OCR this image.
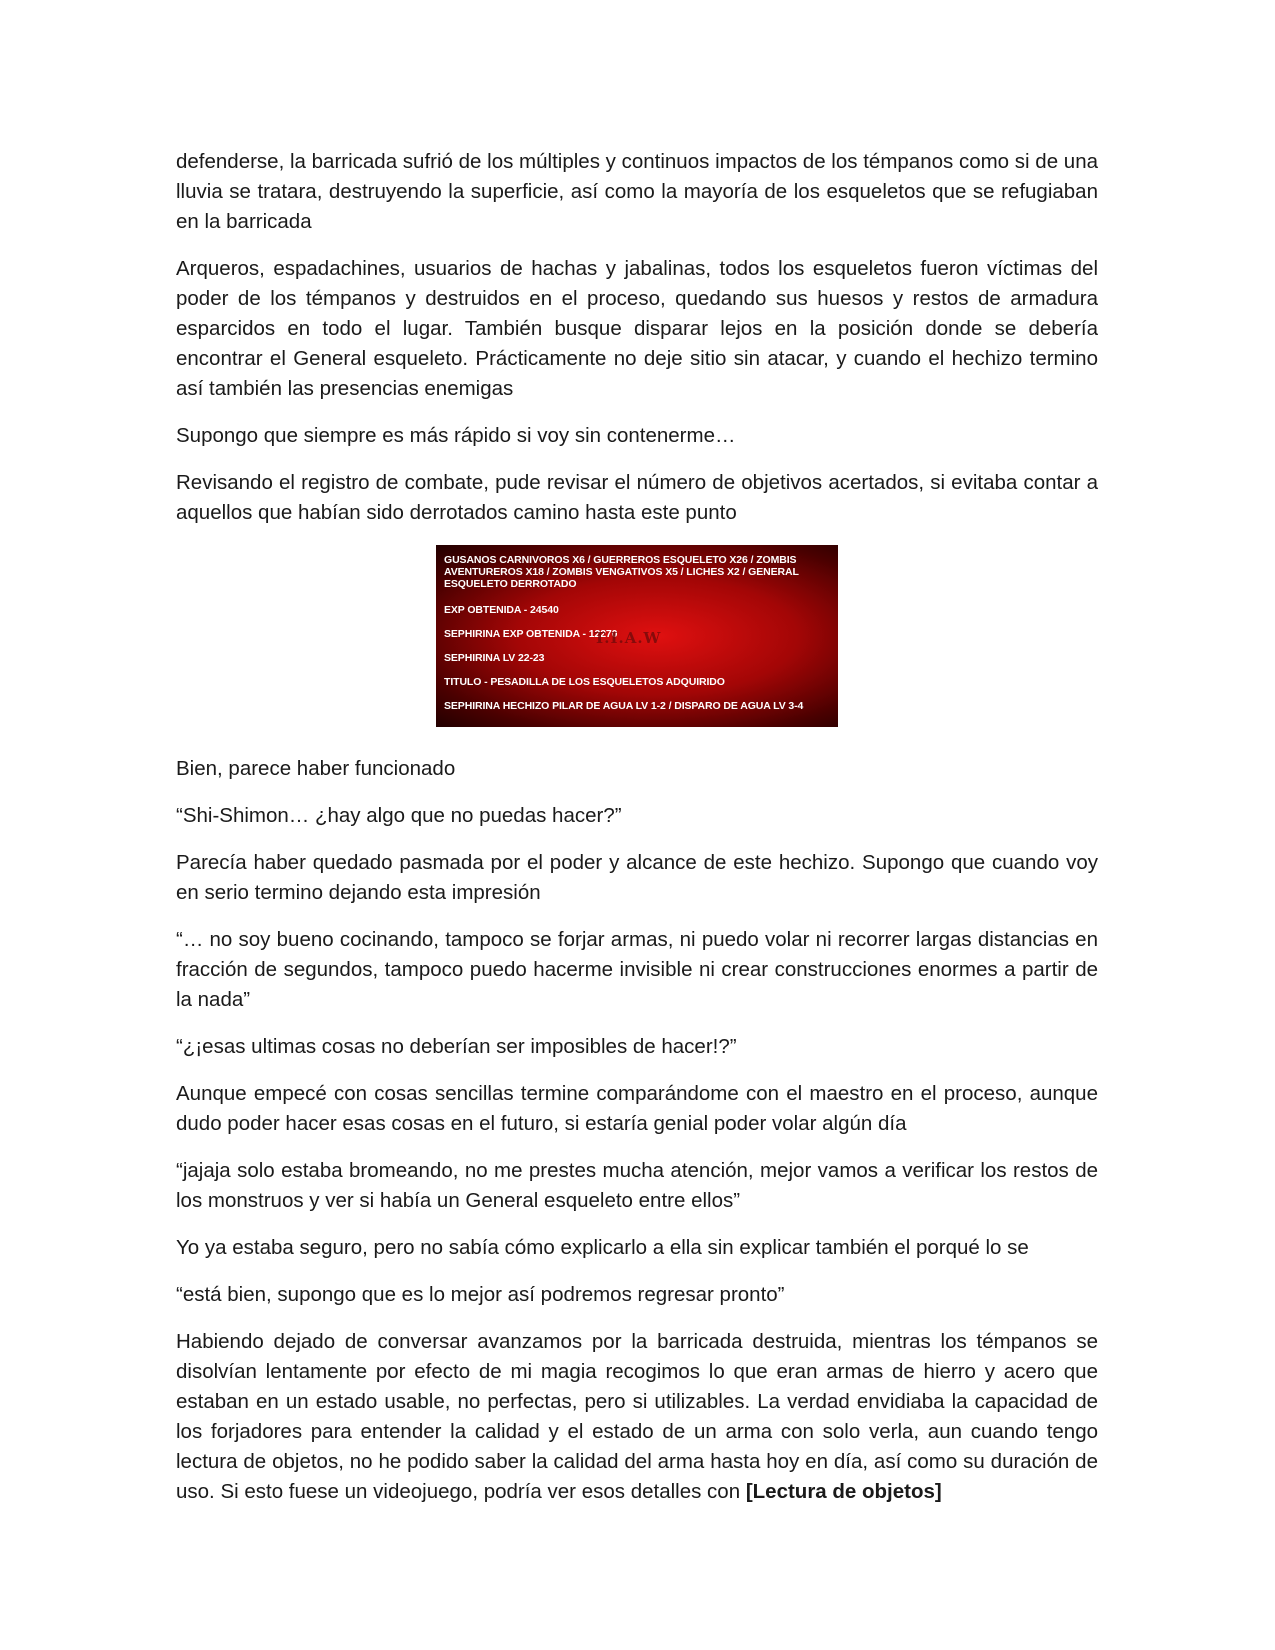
defenderse, la barricada sufrió de los múltiples y continuos impactos de los témpanos como si de una lluvia se tratara, destruyendo la superficie, así como la mayoría de los esqueletos que se refugiaban en la barricada

Arqueros, espadachines, usuarios de hachas y jabalinas, todos los esqueletos fueron víctimas del poder de los témpanos y destruidos en el proceso, quedando sus huesos y restos de armadura esparcidos en todo el lugar. También busque disparar lejos en la posición donde se debería encontrar el General esqueleto. Prácticamente no deje sitio sin atacar, y cuando el hechizo termino así también las presencias enemigas

Supongo que siempre es más rápido si voy sin contenerme…

Revisando el registro de combate, pude revisar el número de objetivos acertados, si evitaba contar a aquellos que habían sido derrotados camino hasta este punto

GUSANOS CARNIVOROS X6 / GUERREROS ESQUELETO X26 / ZOMBIS AVENTUREROS X18 / ZOMBIS VENGATIVOS X5 / LICHES X2 / GENERAL ESQUELETO DERROTADO
EXP OBTENIDA - 24540
SEPHIRINA EXP OBTENIDA - 12270
SEPHIRINA LV 22-23
TITULO - PESADILLA DE LOS ESQUELETOS ADQUIRIDO
SEPHIRINA HECHIZO PILAR DE AGUA LV 1-2 / DISPARO DE AGUA LV 3-4
T.I.A.W

Bien, parece haber funcionado

“Shi-Shimon… ¿hay algo que no puedas hacer?”

Parecía haber quedado pasmada por el poder y alcance de este hechizo. Supongo que cuando voy en serio termino dejando esta impresión

“… no soy bueno cocinando, tampoco se forjar armas, ni puedo volar ni recorrer largas distancias en fracción de segundos, tampoco puedo hacerme invisible ni crear construcciones enormes a partir de la nada”

“¿¡esas ultimas cosas no deberían ser imposibles de hacer!?”

Aunque empecé con cosas sencillas termine comparándome con el maestro en el proceso, aunque dudo poder hacer esas cosas en el futuro, si estaría genial poder volar algún día

“jajaja solo estaba bromeando, no me prestes mucha atención, mejor vamos a verificar los restos de los monstruos y ver si había un General esqueleto entre ellos”

Yo ya estaba seguro, pero no sabía cómo explicarlo a ella sin explicar también el porqué lo se

“está bien, supongo que es lo mejor así podremos regresar pronto”

Habiendo dejado de conversar avanzamos por la barricada destruida, mientras los témpanos se disolvían lentamente por efecto de mi magia recogimos lo que eran armas de hierro y acero que estaban en un estado usable, no perfectas, pero si utilizables. La verdad envidiaba la capacidad de los forjadores para entender la calidad y el estado de un arma con solo verla, aun cuando tengo lectura de objetos, no he podido saber la calidad del arma hasta hoy en día, así como su duración de uso. Si esto fuese un videojuego, podría ver esos detalles con [Lectura de objetos]
